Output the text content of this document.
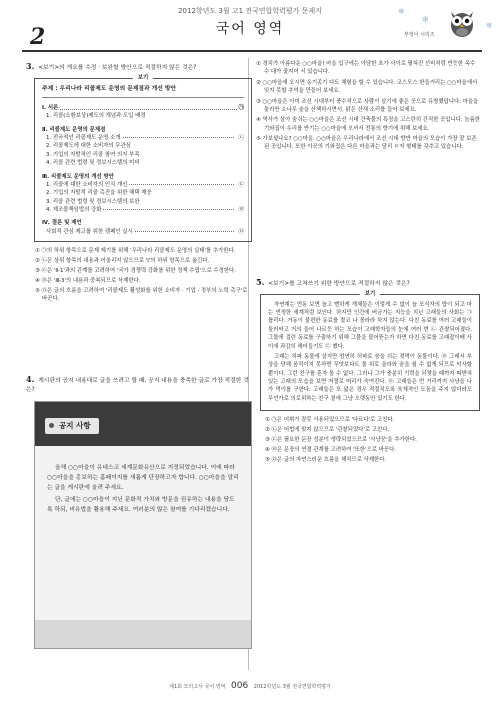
2012학년도 3월 고1 전국연합학력평가 문제지
2	국어 영역	부엉이 시리즈
❄
✻
❄
3. <보기>의 개요를 수정 · 보완할 방안으로 적절하지 않은 것은?
보기
주제 : 우리나라 리콜제도 운영의 문제점과 개선 방안
Ⅰ. 서론	㉠
1. 리콜(소환보상)제도의 개념과 도입 배경
Ⅱ. 리콜제도 운영의 문제점
1. 전국적인 리콜제도 운영 소개	㉡
2. 리콜제도에 대한 소비자의 무관심
3. 기업의 자발적인 리콜 참여 의지 부족
4. 리콜 관련 법령 및 정보시스템의 미비
Ⅲ. 리콜제도 운영의 개선 방안
1. 리콜에 대한 소비자의 인식 개선	㉢
2. 기업의 자발적 리콜 촉진을 위한 혜택 제공
3. 리콜 관련 법령 및 정보시스템의 보완
4. 제조물책임법의 강화	㉣
Ⅳ. 결론 및 제언
사회적 관심 제고를 위한 캠페인 실시	㉤
① ㉠의 하위 항목으로 문제 제기를 위해 '우리나라 리콜제도 운영의 실태'를 추가한다.
② ㉡은 상위 항목의 내용과 어울리지 않으므로 'Ⅰ'의 하위 항목으로 옮긴다.
③ ㉢은 'Ⅱ-1'과의 관계를 고려하여 '국가 경쟁력 강화를 위한 정책 수립'으로 수정한다.
④ ㉣은 'Ⅲ-3'의 내용과 중복되므로 삭제한다.
⑤ ㉤은 글의 흐름을 고려하여 '리콜제도 활성화를 위한 소비자 · 기업 · 정부의 노력 촉구'로 바꾼다.
4. 게시판의 공지 내용대로 글을 쓰려고 할 때, 공지 내용을 충족한 글로 가장 적절한 것은?
공지 사항

올해 ○○마을이 유네스코 세계문화유산으로 지정되었습니다. 이에 따라 ○○마을을 홍보하는 홈페이지를 새롭게 단장하고자 합니다. ○○마을을 알리는 글을 게시판에 올려 주세요.

단, 글에는 ○○마을이 지닌 문화적 가치와 방문을 권유하는 내용을 담도록 하되, 비유법을 활용해 주세요. 여러분의 많은 참여를 기다리겠습니다.

① 경치가 아름다운 ○○마을! 마을 입구에는 아담한 초가 사이로 펼쳐진 선비처럼 반듯한 옥수수 대가 줄지어 서 있습니다.
② ○○마을에 오시면 옹기종기 다도 체험을 할 수 있습니다. 코스모스 한들거리는 ○○마을에서 잊지 못할 추억을 만들어 보세요.
③ ○○마을은 이미 조선 시대부터 풍수적으로 사람이 살기에 좋은 곳으로 유명했답니다. 마을을 둘러싼 소나무 숲을 산책하시면서, 맑은 산새 소리를 들어 보세요.
④ 역사가 살아 숨쉬는 ○○마을은 조선 시대 건축물의 특징을 고스란히 간직한 곳입니다. 늠름한 기와집이 우리를 반기는 ○○마을에 오셔서 전통의 향기에 취해 보세요.
⑤ 가보셨나요? ○○마을. ○○마을은 우리나라에서 조선 시대 향반 마을의 모습이 가장 잘 보존된 곳입니다. 또한 이곳의 기와집은 다른 마을과는 달리 ㅁ자 형태를 갖추고 있습니다.
5. <보기>를 고쳐쓰기 위한 방안으로 적절하지 않은 것은?
보기

자연계는 먼동 보면 늘고 뻔하게 개체들은 이렇게 수 없이 늘 포식자의 밥이 되고 마는 빈정한 세계처럼 보인다. 하지만 인간에 버금가는 지능을 지닌 고래들의 사회는 ㉠ 틀리다. 거동이 불편한 동료를 결코 나 몰라라 하지 않는다. 다친 동료를 여러 고래들이 둘러싸고 거의 들어 나르듯 하는 모습이 고래학자들의 눈에 여러 번 ㉡ 관찰되어졌다. 그물에 걸린 동료를 구출하기 위해 그물을 물어뜯는가 하면 다친 동료를 고래잡이배 사이에 과감히 헤어들기도 ㉢ 했다.

고래는 허파 동물에 살지만 엄연히 허파로 숨을 쉬는 젖먹이 동물이다. ㉣ 그래서 부상을 당해 움직이지 못하면 무엇보다도 물 위로 올라와 숨을 쉴 수 없게 되므로 익사할 뿐이다. 그런 친구를 혼자 둘 수 없다. 그러나 그가 충분히 기력을 되찾을 때까지 떠받쳐 있는 고래의 모습을 보면 저절로 머리가 숙여진다. ㉤ 고래들은 먼 거리까지 사냥을 나가 먹이를 구한다. 고래들은 또 앓은 경우 적절치도록 육체적인 도움을 주지 않더라도 무언가로 의로위하는 친구 곁에 그냥 오랫동안 있기도 한다.

① ㉠은 어휘가 잘못 사용되었으므로 '다르다'로 고친다.
② ㉡은 어법에 맞지 않으므로 '관찰되었다'로 고친다.
③ ㉢은 필요한 문장 성분이 생략되었으므로 '사냥꾼'을 추가한다.
④ ㉣은 문장의 연결 관계를 고려하여 '또한'으로 바꾼다.
⑤ ㉤은 글의 자연스러운 흐름을 해치므로 삭제한다.
제1회 모의고사 국어 영역 006 2012학년도 3월 전국연합학력평가
